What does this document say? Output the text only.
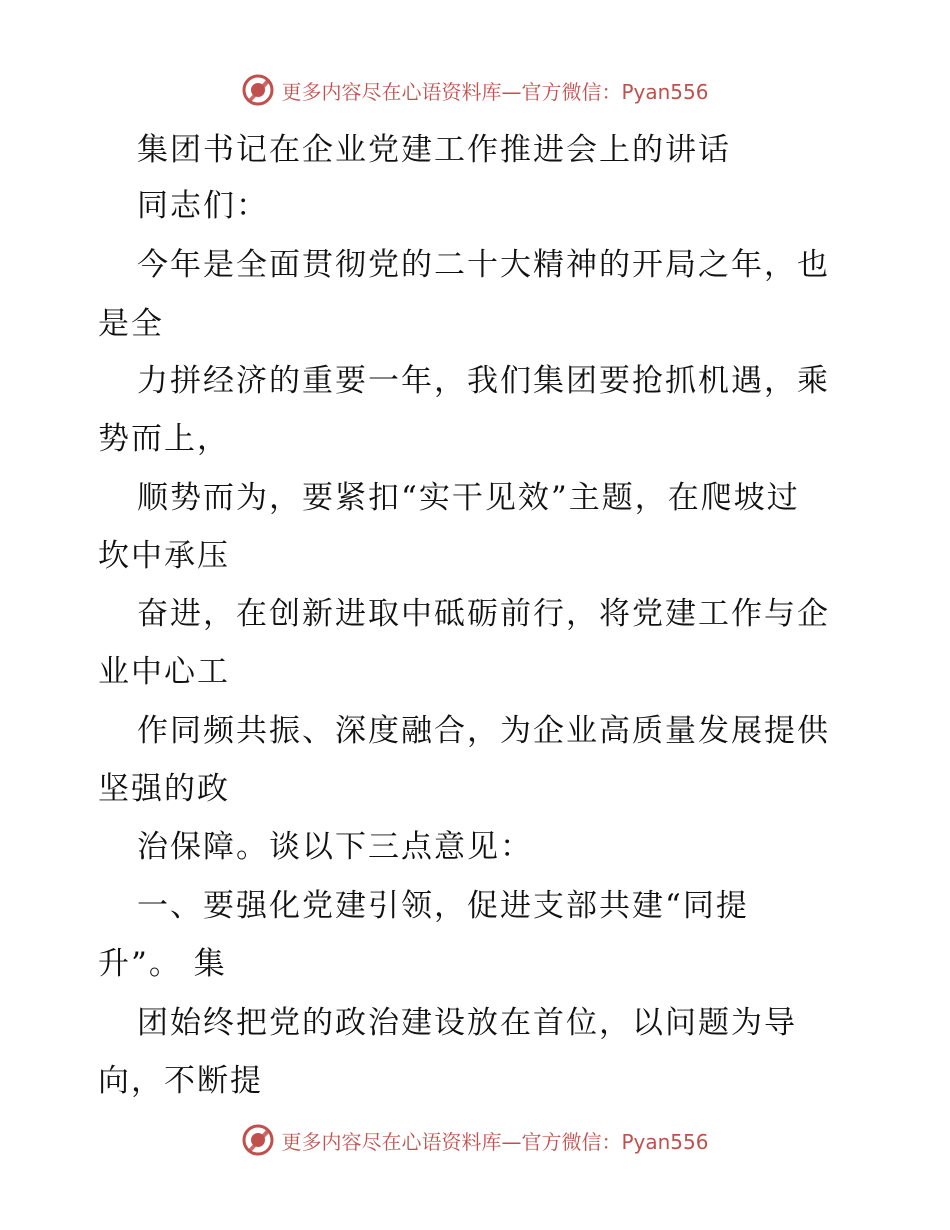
更多内容尽在心语资料库—官方微信：Pyan556
集团书记在企业党建工作推进会上的讲话
同志们：
今年是全面贯彻党的二十大精神的开局之年，也
是全
力拼经济的重要一年，我们集团要抢抓机遇，乘
势而上，
顺势而为，要紧扣“实干见效”主题，在爬坡过
坎中承压
奋进，在创新进取中砥砺前行，将党建工作与企
业中心工
作同频共振、深度融合，为企业高质量发展提供
坚强的政
治保障。谈以下三点意见：
一、要强化党建引领，促进支部共建“同提
升”。 集
团始终把党的政治建设放在首位，以问题为导
向，不断提
更多内容尽在心语资料库—官方微信：Pyan556
